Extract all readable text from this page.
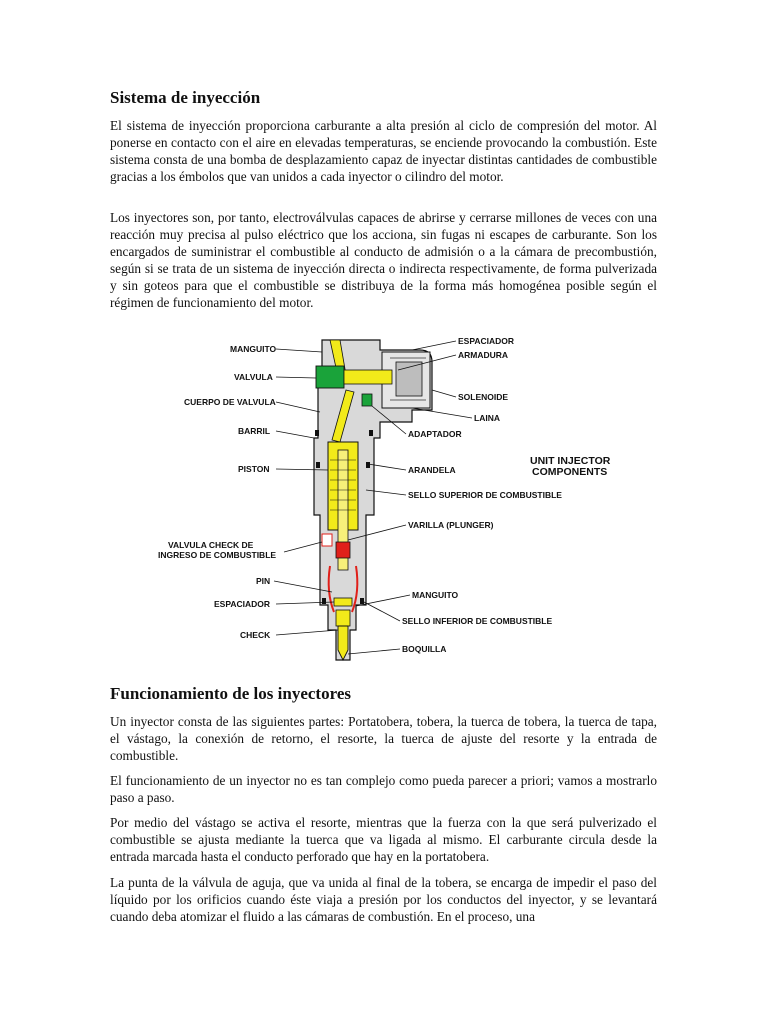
Sistema de inyección

El sistema de inyección proporciona carburante a alta presión al ciclo de compresión del motor. Al ponerse en contacto con el aire en elevadas temperaturas, se enciende provocando la combustión. Este sistema consta de una bomba de desplazamiento capaz de inyectar distintas cantidades de combustible gracias a los émbolos que van unidos a cada inyector o cilindro del motor.

Los inyectores son, por tanto, electroválvulas capaces de abrirse y cerrarse millones de veces con una reacción muy precisa al pulso eléctrico que los acciona, sin fugas ni escapes de carburante. Son los encargados de suministrar el combustible al conducto de admisión o a la cámara de precombustión, según si se trata de un sistema de inyección directa o indirecta respectivamente, de forma pulverizada y sin goteos para que el combustible se distribuya de la forma más homogénea posible según el régimen de funcionamiento del motor.

MANGUITO
VALVULA
CUERPO DE VALVULA
BARRIL
PISTON
VALVULA CHECK DE
INGRESO DE COMBUSTIBLE
PIN
ESPACIADOR
CHECK
ESPACIADOR
ARMADURA
SOLENOIDE
LAINA
ADAPTADOR
ARANDELA
SELLO SUPERIOR DE COMBUSTIBLE
VARILLA (PLUNGER)
MANGUITO
SELLO INFERIOR DE COMBUSTIBLE
BOQUILLA
UNIT INJECTOR
COMPONENTS
Funcionamiento de los inyectores

Un inyector consta de las siguientes partes: Portatobera, tobera, la tuerca de tobera, la tuerca de tapa, el vástago, la conexión de retorno, el resorte, la tuerca de ajuste del resorte y la entrada de combustible.

El funcionamiento de un inyector no es tan complejo como pueda parecer a priori; vamos a mostrarlo paso a paso.

Por medio del vástago se activa el resorte, mientras que la fuerza con la que será pulverizado el combustible se ajusta mediante la tuerca que va ligada al mismo. El carburante circula desde la entrada marcada hasta el conducto perforado que hay en la portatobera.

La punta de la válvula de aguja, que va unida al final de la tobera, se encarga de impedir el paso del líquido por los orificios cuando éste viaja a presión por los conductos del inyector, y se levantará cuando deba atomizar el fluido a las cámaras de combustión. En el proceso, una
